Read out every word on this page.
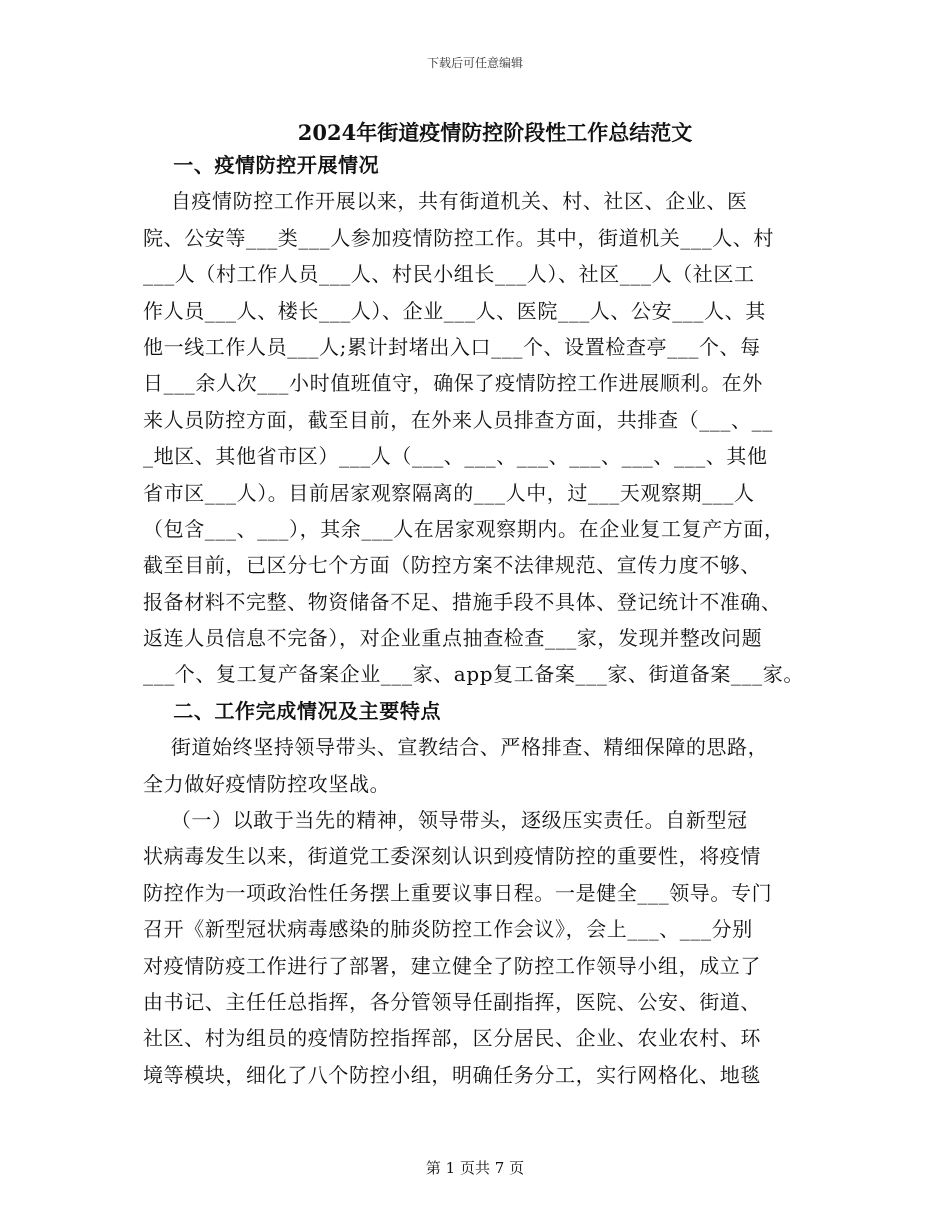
下载后可任意编辑
2024年街道疫情防控阶段性工作总结范文
一、疫情防控开展情况
自疫情防控工作开展以来，共有街道机关、村、社区、企业、医
院、公安等___类___人参加疫情防控工作。其中，街道机关___人、村
___人（村工作人员___人、村民小组长___人）、社区___人（社区工
作人员___人、楼长___人）、企业___人、医院___人、公安___人、其
他一线工作人员___人;累计封堵出入口___个、设置检查亭___个、每
日___余人次___小时值班值守，确保了疫情防控工作进展顺利。在外
来人员防控方面，截至目前，在外来人员排查方面，共排查（___、__
_地区、其他省市区）___人（___、___、___、___、___、___、其他
省市区___人）。目前居家观察隔离的___人中，过___天观察期___人
（包含___、___），其余___人在居家观察期内。在企业复工复产方面，
截至目前，已区分七个方面（防控方案不法律规范、宣传力度不够、
报备材料不完整、物资储备不足、措施手段不具体、登记统计不准确、
返连人员信息不完备），对企业重点抽查检查___家，发现并整改问题
___个、复工复产备案企业___家、app复工备案___家、街道备案___家。
二、工作完成情况及主要特点
街道始终坚持领导带头、宣教结合、严格排查、精细保障的思路，
全力做好疫情防控攻坚战。
（一）以敢于当先的精神，领导带头，逐级压实责任。自新型冠
状病毒发生以来，街道党工委深刻认识到疫情防控的重要性，将疫情
防控作为一项政治性任务摆上重要议事日程。一是健全___领导。专门
召开《新型冠状病毒感染的肺炎防控工作会议》，会上___、___分别
对疫情防疫工作进行了部署，建立健全了防控工作领导小组，成立了
由书记、主任任总指挥，各分管领导任副指挥，医院、公安、街道、
社区、村为组员的疫情防控指挥部，区分居民、企业、农业农村、环
境等模块，细化了八个防控小组，明确任务分工，实行网格化、地毯
第 1 页共 7 页
